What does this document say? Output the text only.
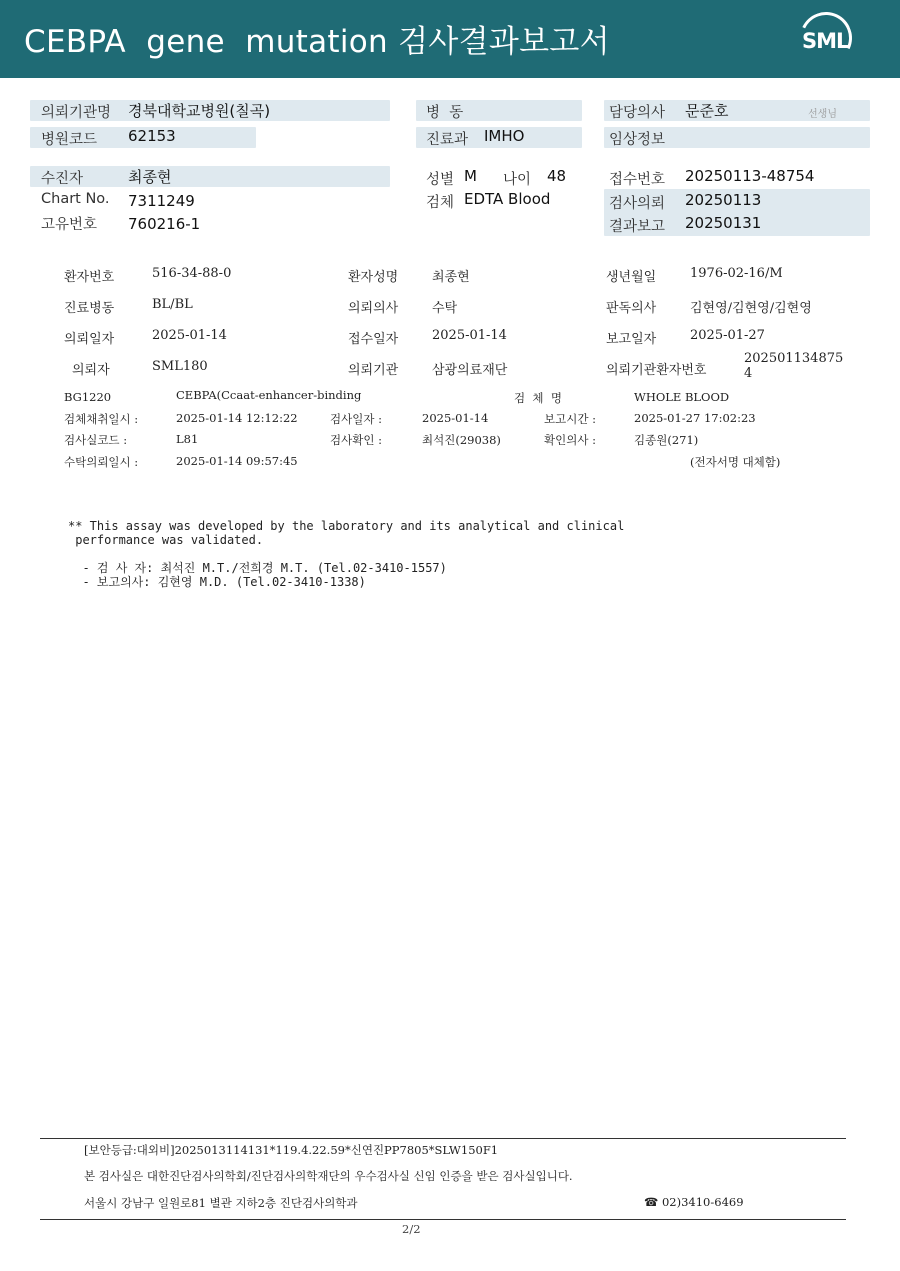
CEBPA  gene  mutation 검사결과보고서	SML
의뢰기관명 경북대학교병원(칠곡)	병  동	담당의사 문준호	선생님
병원코드 62153	진료과 IMHO	임상정보
수진자	최종현	성별 M 나이 48	접수번호 20250113-48754
Chart No. 7311249	검체 EDTA Blood	검사의뢰 20250113
고유번호 760216-1	결과보고 20250131
환자번호	516-34-88-0	환자성명	최종현	생년월일	1976-02-16/M
진료병동	BL/BL	의뢰의사	수탁	판독의사	김현영/김현영/김현영
의뢰일자	2025-01-14	접수일자	2025-01-14	보고일자	2025-01-27
의뢰자	SML180	의뢰기관	삼광의료재단	의뢰기관환자번호
202501134875
4
BG1220	CEBPA(Ccaat-enhancer-binding	검  체  명	WHOLE BLOOD
검체채취일시 :	2025-01-14 12:12:22	검사일자 :	2025-01-14	보고시간 :	2025-01-27 17:02:23
검사실코드 :	L81	검사확인 :	최석진(29038)	확인의사 :	김종원(271)
수탁의뢰일시 :	2025-01-14 09:57:45	(전자서명 대체함)
** This assay was developed by the laboratory and its analytical and clinical
performance was validated.
- 검 사 자: 최석진 M.T./전희경 M.T. (Tel.02-3410-1557)
- 보고의사: 김현영 M.D. (Tel.02-3410-1338)
[보안등급:대외비]2025013114131*119.4.22.59*신연진PP7805*SLW150F1
본 검사실은 대한진단검사의학회/진단검사의학재단의 우수검사실 신임 인증을 받은 검사실입니다.
서울시 강남구 일원로81 별관 지하2층 진단검사의학과	☎ 02)3410-6469
2/2
